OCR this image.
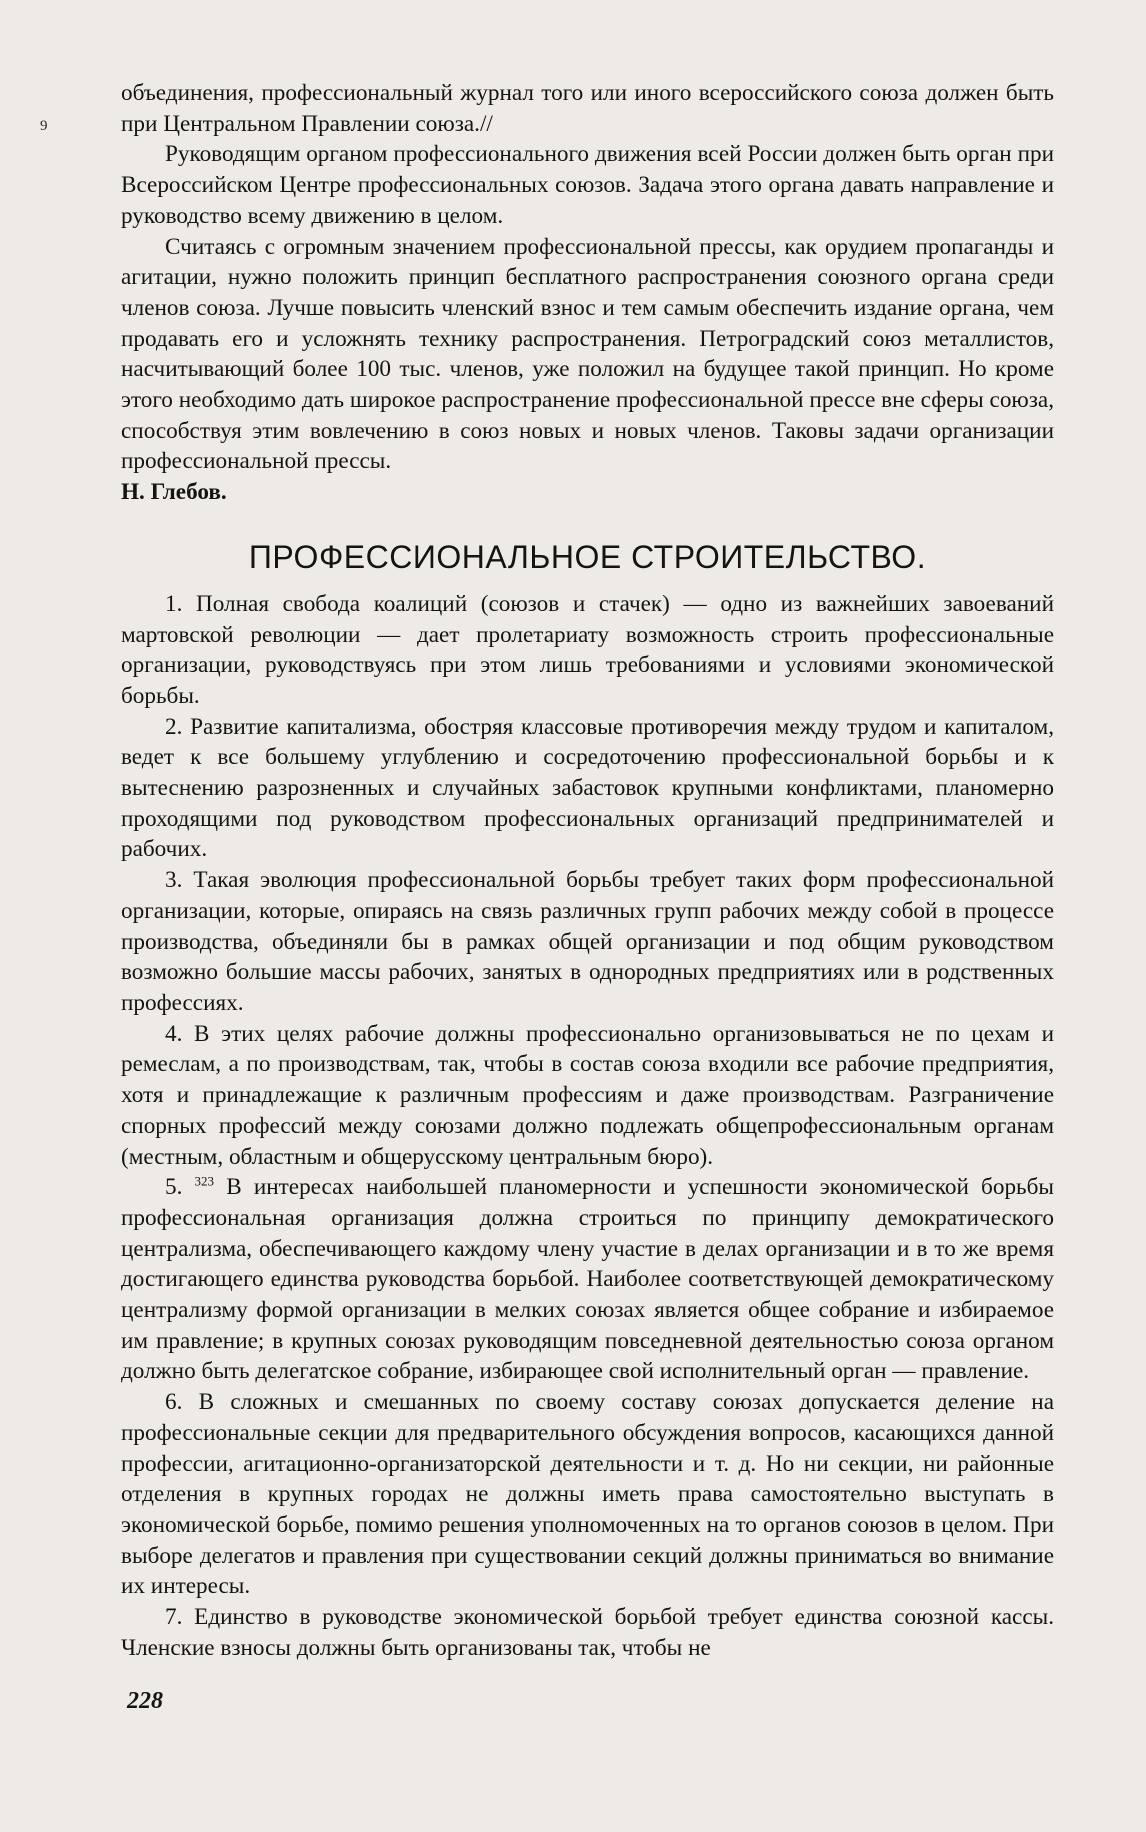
9

объединения, профессиональный журнал того или иного всероссийского союза должен быть при Центральном Правлении союза.//

Руководящим органом профессионального движения всей России должен быть орган при Всероссийском Центре профессиональных союзов. Задача этого органа давать направление и руководство всему движению в целом.

Считаясь с огромным значением профессиональной прессы, как орудием пропаганды и агитации, нужно положить принцип бесплатного распространения союзного органа среди членов союза. Лучше повысить членский взнос и тем самым обеспечить издание органа, чем продавать его и усложнять технику распространения. Петроградский союз металлистов, насчитывающий более 100 тыс. членов, уже положил на будущее такой принцип. Но кроме этого необходимо дать широкое распространение профессиональной прессе вне сферы союза, способствуя этим вовлечению в союз новых и новых членов. Таковы задачи организации профессиональной прессы.

Н. Глебов.

ПРОФЕССИОНАЛЬНОЕ СТРОИТЕЛЬСТВО.

1. Полная свобода коалиций (союзов и стачек) — одно из важнейших завоеваний мартовской революции — дает пролетариату возможность строить профессиональные организации, руководствуясь при этом лишь требованиями и условиями экономической борьбы.

2. Развитие капитализма, обостряя классовые противоречия между трудом и капиталом, ведет к все большему углублению и сосредоточению профессиональной борьбы и к вытеснению разрозненных и случайных забастовок крупными конфликтами, планомерно проходящими под руководством профессиональных организаций предпринимателей и рабочих.

3. Такая эволюция профессиональной борьбы требует таких форм профессиональной организации, которые, опираясь на связь различных групп рабочих между собой в процессе производства, объединяли бы в рамках общей организации и под общим руководством возможно большие массы рабочих, занятых в однородных предприятиях или в родственных профессиях.

4. В этих целях рабочие должны профессионально организовываться не по цехам и ремеслам, а по производствам, так, чтобы в состав союза входили все рабочие предприятия, хотя и принадлежащие к различным профессиям и даже производствам. Разграничение спорных профессий между союзами должно подлежать общепрофессиональным органам (местным, областным и общерусскому центральным бюро).

5. $^{323}$ В интересах наибольшей планомерности и успешности экономической борьбы профессиональная организация должна строиться по принципу демократического централизма, обеспечивающего каждому члену участие в делах организации и в то же время достигающего единства руководства борьбой. Наиболее соответствующей демократическому централизму формой организации в мелких союзах является общее собрание и избираемое им правление; в крупных союзах руководящим повседневной деятельностью союза органом должно быть делегатское собрание, избирающее свой исполнительный орган — правление.

6. В сложных и смешанных по своему составу союзах допускается деление на профессиональные секции для предварительного обсуждения вопросов, касающихся данной профессии, агитационно-организаторской деятельности и т. д. Но ни секции, ни районные отделения в крупных городах не должны иметь права самостоятельно выступать в экономической борьбе, помимо решения уполномоченных на то органов союзов в целом. При выборе делегатов и правления при существовании секций должны приниматься во внимание их интересы.

7. Единство в руководстве экономической борьбой требует единства союзной кассы. Членские взносы должны быть организованы так, чтобы не

228
